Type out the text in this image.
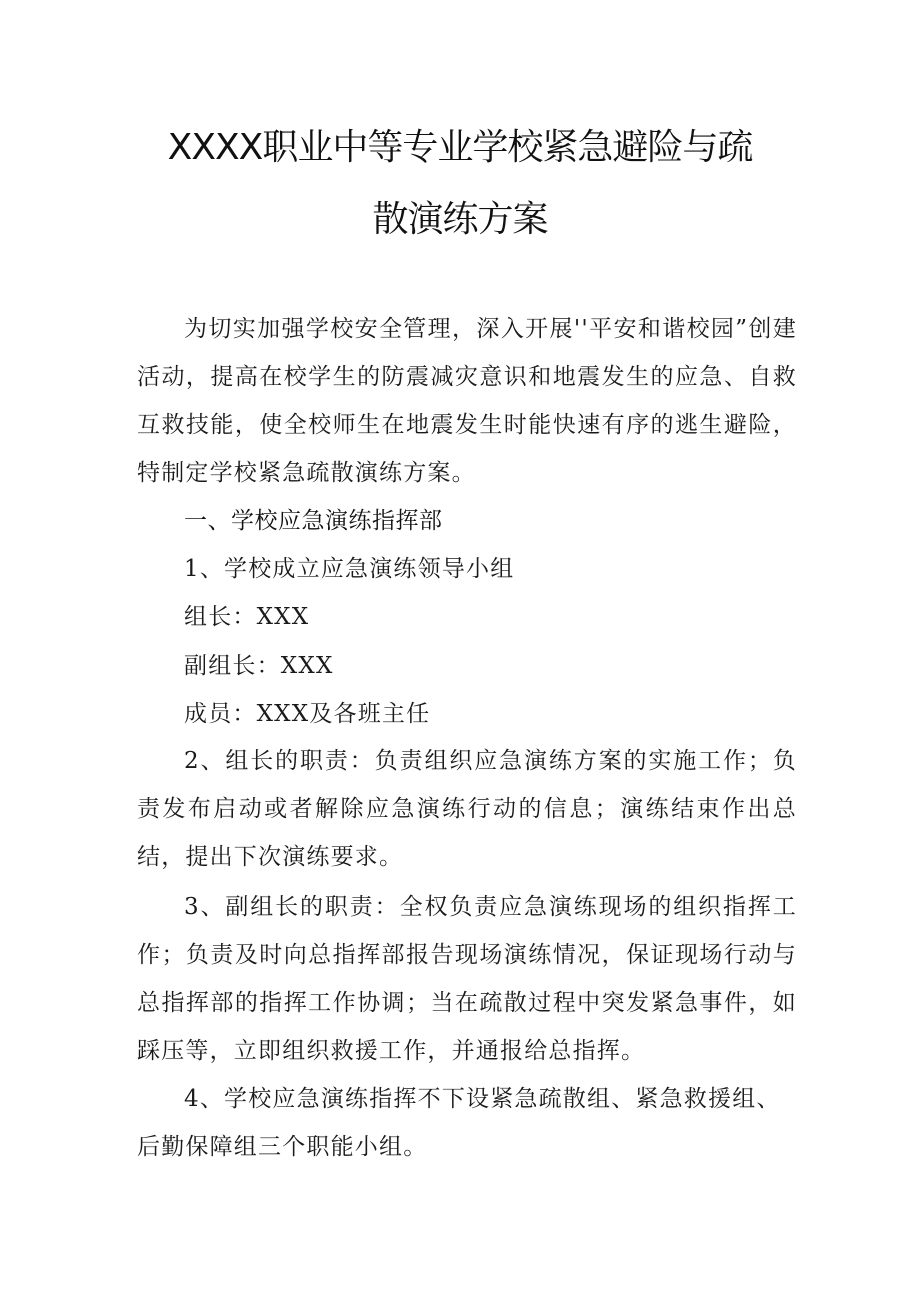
XXXX职业中等专业学校紧急避险与疏
散演练方案
为切实加强学校安全管理，深入开展''平安和谐校园”创建活动，提高在校学生的防震减灾意识和地震发生的应急、自救互救技能，使全校师生在地震发生时能快速有序的逃生避险，特制定学校紧急疏散演练方案。
一、学校应急演练指挥部
1、学校成立应急演练领导小组
组长：XXX
副组长：XXX
成员：XXX及各班主任
2、组长的职责：负责组织应急演练方案的实施工作；负责发布启动或者解除应急演练行动的信息；演练结束作出总结，提出下次演练要求。
3、副组长的职责：全权负责应急演练现场的组织指挥工作；负责及时向总指挥部报告现场演练情况，保证现场行动与总指挥部的指挥工作协调；当在疏散过程中突发紧急事件，如踩压等，立即组织救援工作，并通报给总指挥。
4、学校应急演练指挥不下设紧急疏散组、紧急救援组、
后勤保障组三个职能小组。
